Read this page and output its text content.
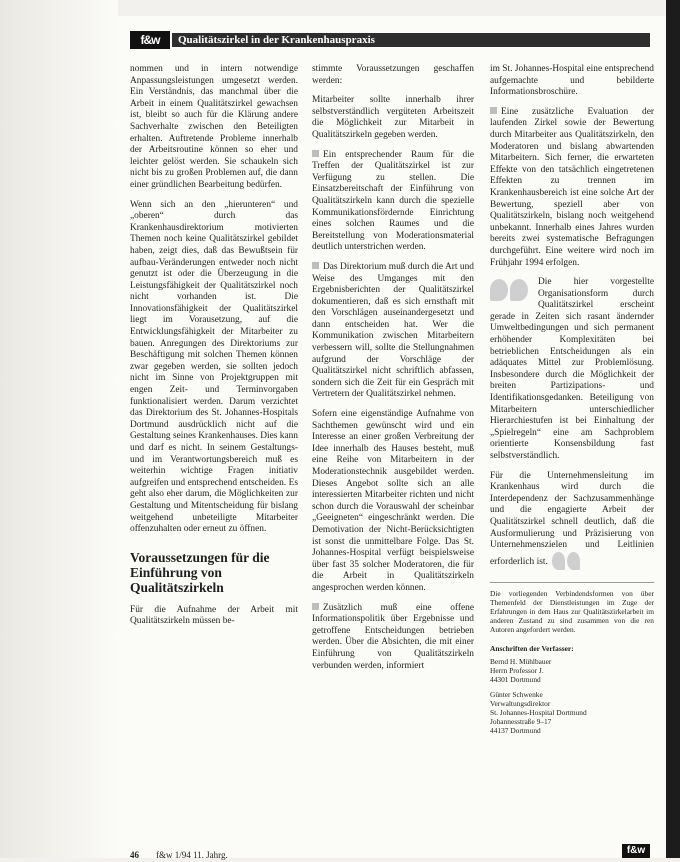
f&w	Qualitätszirkel in der Krankenhauspraxis

nommen und in intern notwendige Anpassungsleistungen umgesetzt werden. Ein Verständnis, das manchmal über die Arbeit in einem Qualitätszirkel gewachsen ist, bleibt so auch für die Klärung andere Sachverhalte zwischen den Beteiligten erhalten. Auftretende Probleme innerhalb der Arbeitsroutine können so eher und leichter gelöst werden. Sie schaukeln sich nicht bis zu großen Problemen auf, die dann einer gründlichen Bearbeitung bedürfen.

Wenn sich an den „hierunteren“ und „oberen“ durch das Krankenhausdirektorium motivierten Themen noch keine Qualitätszirkel gebildet haben, zeigt dies, daß das Bewußtsein für aufbau-Veränderungen entweder noch nicht genutzt ist oder die Überzeugung in die Leistungsfähigkeit der Qualitätszirkel noch nicht vorhanden ist. Die Innovationsfähigkeit der Qualitätszirkel liegt im Vorausetzung, auf die Entwicklungsfähigkeit der Mitarbeiter zu bauen. Anregungen des Direktoriums zur Beschäftigung mit solchen Themen können zwar gegeben werden, sie sollten jedoch nicht im Sinne von Projektgruppen mit engen Zeit- und Terminvorgaben funktionalisiert werden. Darum verzichtet das Direktorium des St. Johannes-Hospitals Dortmund ausdrücklich nicht auf die Gestaltung seines Krankenhauses. Dies kann und darf es nicht. In seinem Gestaltungs- und im Verantwortungsbereich muß es weiterhin wichtige Fragen initiativ aufgreifen und entsprechend entscheiden. Es geht also eher darum, die Möglichkeiten zur Gestaltung und Mitentscheidung für bislang weitgehend unbeteiligte Mitarbeiter offenzuhalten oder erneut zu öffnen.

Voraussetzungen für die Einführung von Qualitätszirkeln

Für die Aufnahme der Arbeit mit Qualitätszirkeln müssen be-

stimmte Voraussetzungen geschaffen werden:

Mitarbeiter sollte innerhalb ihrer selbstverständlich vergüteten Arbeitszeit die Möglichkeit zur Mitarbeit in Qualitätszirkeln gegeben werden.

Ein entsprechender Raum für die Treffen der Qualitätszirkel ist zur Verfügung zu stellen. Die Einsatzbereitschaft der Einführung von Qualitätszirkeln kann durch die spezielle Kommunikationsfördernde Einrichtung eines solchen Raumes und die Bereitstellung von Moderationsmaterial deutlich unterstrichen werden.

Das Direktorium muß durch die Art und Weise des Umganges mit den Ergebnisberichten der Qualitätszirkel dokumentieren, daß es sich ernsthaft mit den Vorschlägen auseinandergesetzt und dann entscheiden hat. Wer die Kommunikation zwischen Mitarbeitern verbessern will, sollte die Stellungnahmen aufgrund der Vorschläge der Qualitätszirkel nicht schriftlich abfassen, sondern sich die Zeit für ein Gespräch mit Vertretern der Qualitätszirkel nehmen.

Sofern eine eigenständige Aufnahme von Sachthemen gewünscht wird und ein Interesse an einer großen Verbreitung der Idee innerhalb des Hauses besteht, muß eine Reihe von Mitarbeitern in der Moderationstechnik ausgebildet werden. Dieses Angebot sollte sich an alle interessierten Mitarbeiter richten und nicht schon durch die Vorauswahl der scheinbar „Geeigneten“ eingeschränkt werden. Die Demotivation der Nicht-Berücksichtigten ist sonst die unmittelbare Folge. Das St. Johannes-Hospital verfügt beispielsweise über fast 35 solcher Moderatoren, die für die Arbeit in Qualitätszirkeln angesprochen werden können.

Zusätzlich muß eine offene Informationspolitik über Ergebnisse und getroffene Entscheidungen betrieben werden. Über die Absichten, die mit einer Einführung von Qualitätszirkeln verbunden werden, informiert

im St. Johannes-Hospital eine entsprechend aufgemachte und bebilderte Informationsbroschüre.

Eine zusätzliche Evaluation der laufenden Zirkel sowie der Bewertung durch Mitarbeiter aus Qualitätszirkeln, den Moderatoren und bislang abwartenden Mitarbeitern. Sich ferner, die erwarteten Effekte von den tatsächlich eingetretenen Effekten zu trennen im Krankenhausbereich ist eine solche Art der Bewertung, speziell aber von Qualitätszirkeln, bislang noch weitgehend unbekannt. Innerhalb eines Jahres wurden bereits zwei systematische Befragungen durchgeführt. Eine weitere wird noch im Frühjahr 1994 erfolgen.

Die hier vorgestellte Organisationsform durch Qualitätszirkel erscheint gerade in Zeiten sich rasant ändernder Umweltbedingungen und sich permanent erhöhender Komplexitäten bei betrieblichen Entscheidungen als ein adäquates Mittel zur Problemlösung. Insbesondere durch die Möglichkeit der breiten Partizipations- und Identifikationsgedanken. Beteiligung von Mitarbeitern unterschiedlicher Hierarchiestufen ist bei Einhaltung der „Spielregeln“ eine am Sachproblem orientierte Konsensbildung fast selbstverständlich.

Für die Unternehmensleitung im Krankenhaus wird durch die Interdependenz der Sachzusammenhänge und die engagierte Arbeit der Qualitätszirkel schnell deutlich, daß die Ausformulierung und Präzisierung von Unternehmenszielen und Leitlinien erforderlich ist.

Die vorliegenden Verbindendsformen von über Themenfeld der Dienstleistungen im Zuge der Erfahrungen in dem Haus zur Qualitätszirkelarbeit im anderen Zustand zu sind zusammen von die ren Autoren angefordert werden.
Anschriften der Verfasser:
Bernd H. Mühlbauer
Herrn Professor J.
44301 Dortmund
Günter Schwenke
Verwaltungsdirektor
St. Johannes-Hospital Dortmund
Johannesstraße 9–17
44137 Dortmund
46 f&w 1/94 11. Jahrg.	f&w
